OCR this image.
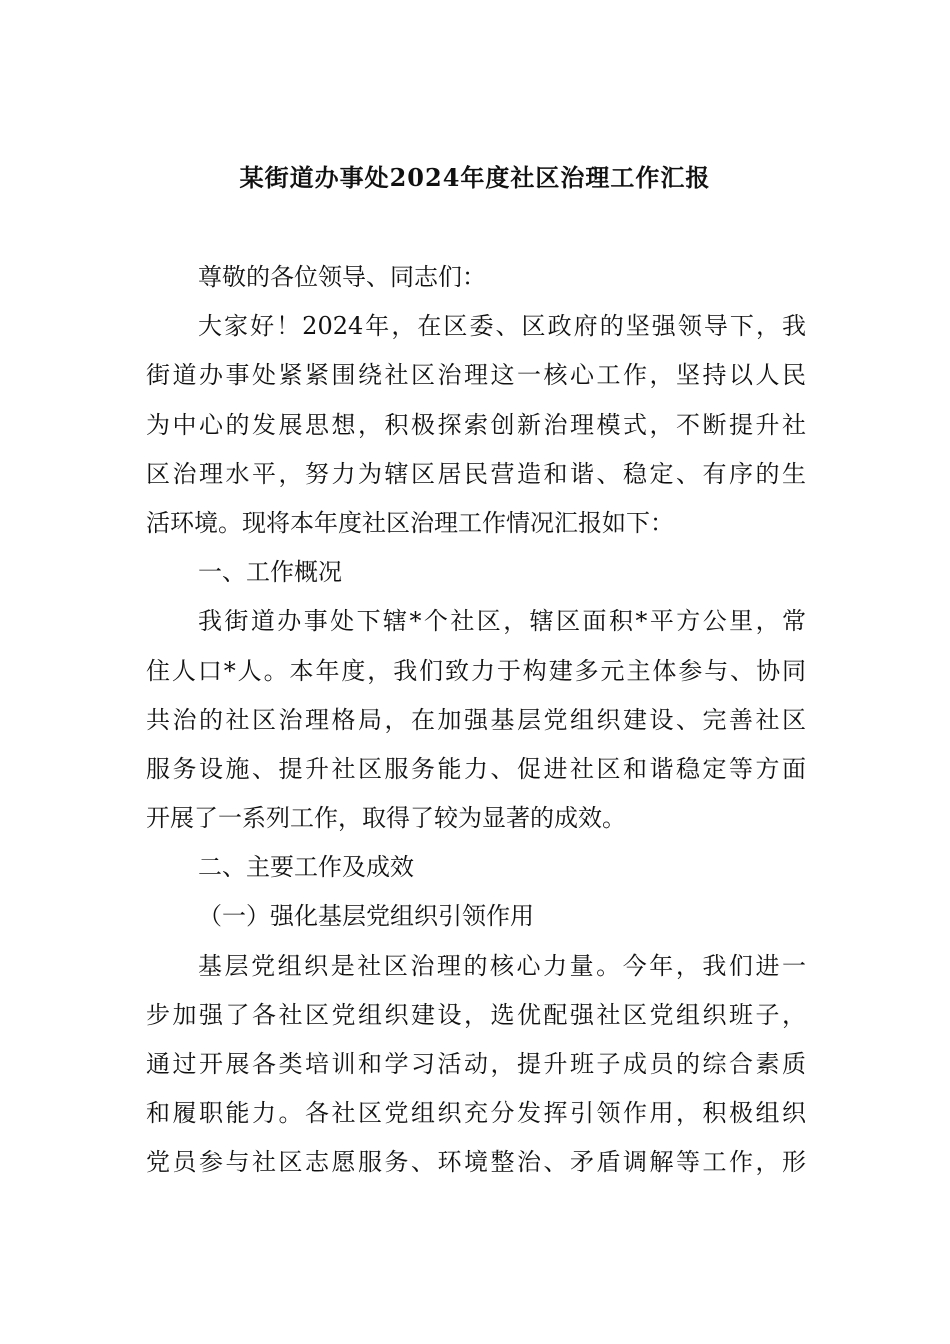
某街道办事处2024年度社区治理工作汇报
尊敬的各位领导、同志们：
大家好！2024年，在区委、区政府的坚强领导下，我
街道办事处紧紧围绕社区治理这一核心工作，坚持以人民
为中心的发展思想，积极探索创新治理模式，不断提升社
区治理水平，努力为辖区居民营造和谐、稳定、有序的生
活环境。现将本年度社区治理工作情况汇报如下：
一、工作概况
我街道办事处下辖*个社区，辖区面积*平方公里，常
住人口*人。本年度，我们致力于构建多元主体参与、协同
共治的社区治理格局，在加强基层党组织建设、完善社区
服务设施、提升社区服务能力、促进社区和谐稳定等方面
开展了一系列工作，取得了较为显著的成效。
二、主要工作及成效
（一）强化基层党组织引领作用
基层党组织是社区治理的核心力量。今年，我们进一
步加强了各社区党组织建设，选优配强社区党组织班子，
通过开展各类培训和学习活动，提升班子成员的综合素质
和履职能力。各社区党组织充分发挥引领作用，积极组织
党员参与社区志愿服务、环境整治、矛盾调解等工作，形
